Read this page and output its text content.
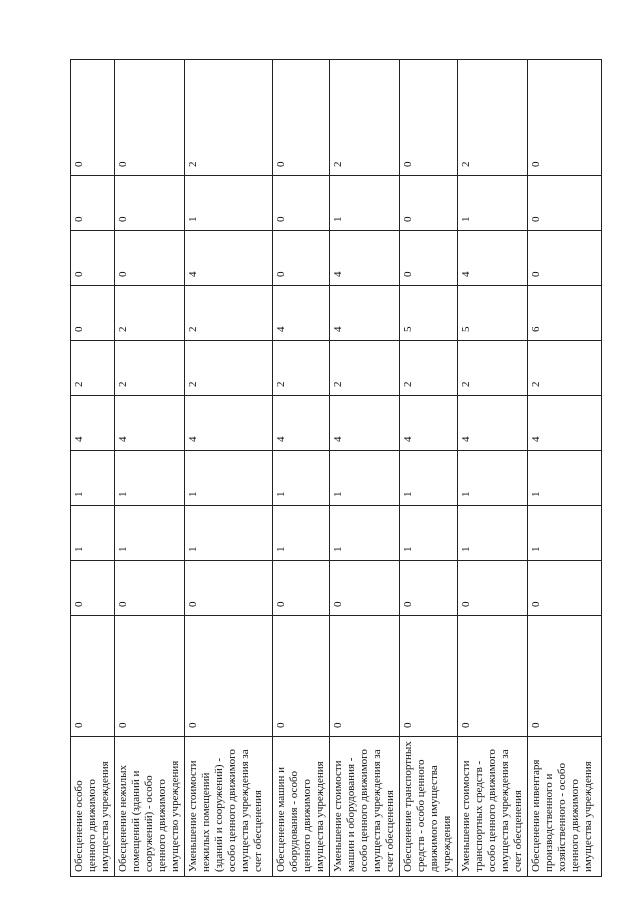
Обесценение особо ценного движимого имущества учреждения	0	0	1	1	4	2	0	0	0	0
Обесценение нежилых помещений (зданий и сооружений) - особо ценного движимого имущество учреждения	0	0	1	1	4	2	2	0	0	0
Уменьшение стоимости нежилых помещений (зданий и сооружений) - особо ценного движимого имущества учреждения за счет обесценения	0	0	1	1	4	2	2	4	1	2
Обесценение машин и оборудования - особо ценного движимого имущества учреждения	0	0	1	1	4	2	4	0	0	0
Уменьшение стоимости машин и оборудования - особо ценного движимого имущества учреждения за счет обесценения	0	0	1	1	4	2	4	4	1	2
Обесценение транспортных средств - особо ценного движимого имущества учреждения	0	0	1	1	4	2	5	0	0	0
Уменьшение стоимости транспортных средств - особо ценного движимого имущества учреждения за счет обесценения	0	0	1	1	4	2	5	4	1	2
Обесценение инвентаря производственного и хозяйственного - особо ценного движимого имущества учреждения	0	0	1	1	4	2	6	0	0	0
